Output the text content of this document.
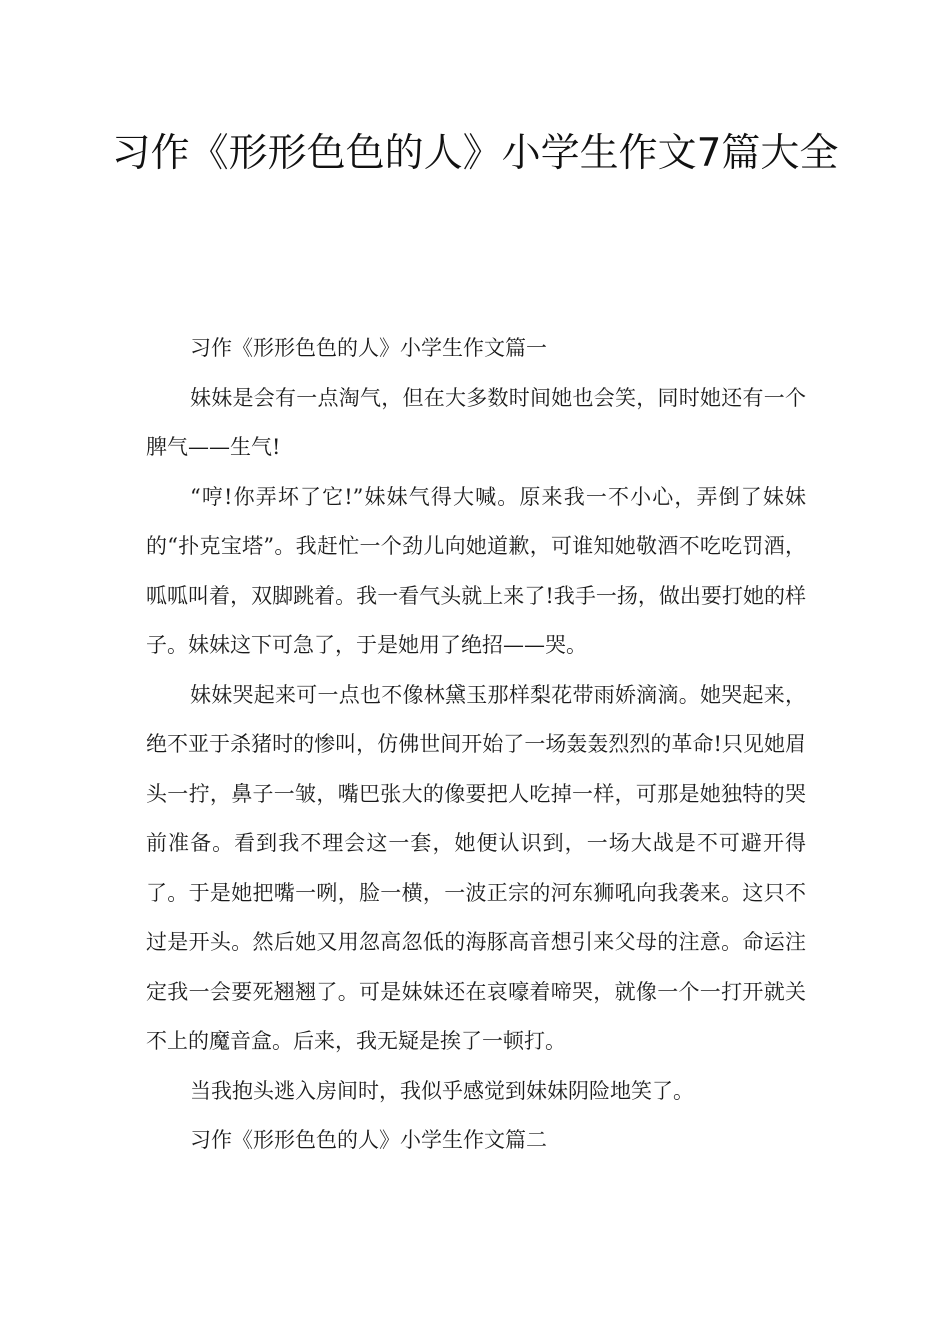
习作《形形色色的人》小学生作文7篇大全

习作《形形色色的人》小学生作文篇一

妹妹是会有一点淘气，但在大多数时间她也会笑，同时她还有一个脾气——生气!

“哼!你弄坏了它!”妹妹气得大喊。原来我一不小心，弄倒了妹妹的“扑克宝塔”。我赶忙一个劲儿向她道歉，可谁知她敬酒不吃吃罚酒，呱呱叫着，双脚跳着。我一看气头就上来了!我手一扬，做出要打她的样子。妹妹这下可急了，于是她用了绝招——哭。

妹妹哭起来可一点也不像林黛玉那样梨花带雨娇滴滴。她哭起来，绝不亚于杀猪时的惨叫，仿佛世间开始了一场轰轰烈烈的革命!只见她眉头一拧，鼻子一皱，嘴巴张大的像要把人吃掉一样，可那是她独特的哭前准备。看到我不理会这一套，她便认识到，一场大战是不可避开得了。于是她把嘴一咧，脸一横，一波正宗的河东狮吼向我袭来。这只不过是开头。然后她又用忽高忽低的海豚高音想引来父母的注意。命运注定我一会要死翘翘了。可是妹妹还在哀嚎着啼哭，就像一个一打开就关不上的魔音盒。后来，我无疑是挨了一顿打。

当我抱头逃入房间时，我似乎感觉到妹妹阴险地笑了。

习作《形形色色的人》小学生作文篇二
